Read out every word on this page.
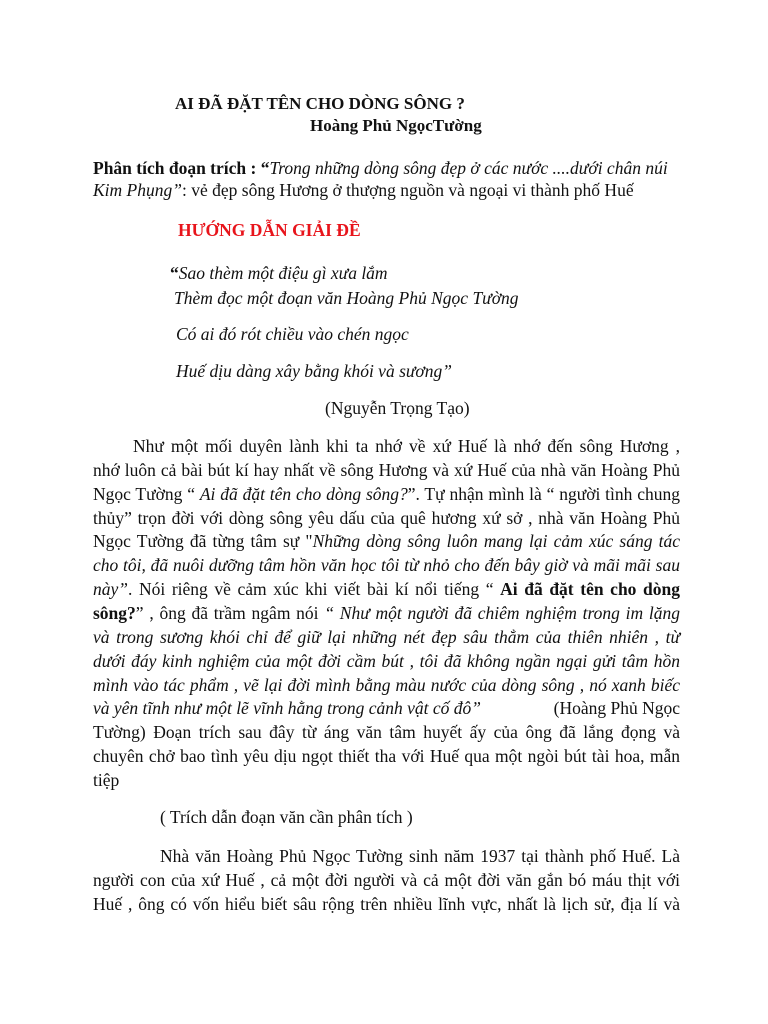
AI ĐÃ ĐẶT TÊN CHO DÒNG SÔNG ?
Hoàng Phủ NgọcTường
Phân tích đoạn trích : “Trong những dòng sông đẹp ở các nước ....dưới chân núi
Kim Phụng”: vẻ đẹp sông Hương ở thượng nguồn và ngoại vi thành phố Huế
HƯỚNG DẪN GIẢI ĐỀ
“Sao thèm một điệu gì xưa lắm
Thèm đọc một đoạn văn Hoàng Phủ Ngọc Tường
Có ai đó rót chiều vào chén ngọc
Huế dịu dàng xây bằng khói và sương”
(Nguyễn Trọng Tạo)
Như một mối duyên lành khi ta nhớ về xứ Huế là nhớ đến sông Hương ,
nhớ luôn cả bài bút kí hay nhất về sông Hương và xứ Huế của nhà văn Hoàng Phủ
Ngọc Tường “ Ai đã đặt tên cho dòng sông?”. Tự nhận mình là “ người tình chung
thủy” trọn đời với dòng sông yêu dấu của quê hương xứ sở , nhà văn Hoàng Phủ
Ngọc Tường đã từng tâm sự "Những dòng sông luôn mang lại cảm xúc sáng tác
cho tôi, đã nuôi dưỡng tâm hồn văn học tôi từ nhỏ cho đến bây giờ và mãi mãi sau
này”. Nói riêng về cảm xúc khi viết bài kí nổi tiếng “ Ai đã đặt tên cho dòng
sông?” , ông đã trầm ngâm nói “ Như một người đã chiêm nghiệm trong im lặng
và trong sương khói chỉ để giữ lại những nét đẹp sâu thẳm của thiên nhiên , từ
dưới đáy kinh nghiệm của một đời cầm bút , tôi đã không ngần ngại gửi tâm hồn
mình vào tác phẩm , vẽ lại đời mình bằng màu nước của dòng sông , nó xanh biếc
và yên tĩnh như một lẽ vĩnh hằng trong cảnh vật cố đô”	(Hoàng Phủ Ngọc
Tường) Đoạn trích sau đây từ áng văn tâm huyết ấy của ông đã lắng đọng và
chuyên chở bao tình yêu dịu ngọt thiết tha với Huế qua một ngòi bút tài hoa, mẫn
tiệp
( Trích dẫn đoạn văn cần phân tích )
Nhà văn Hoàng Phủ Ngọc Tường sinh năm 1937 tại thành phố Huế. Là
người con của xứ Huế , cả một đời người và cả một đời văn gắn bó máu thịt với
Huế , ông có vốn hiểu biết sâu rộng trên nhiều lĩnh vực, nhất là lịch sử, địa lí và
